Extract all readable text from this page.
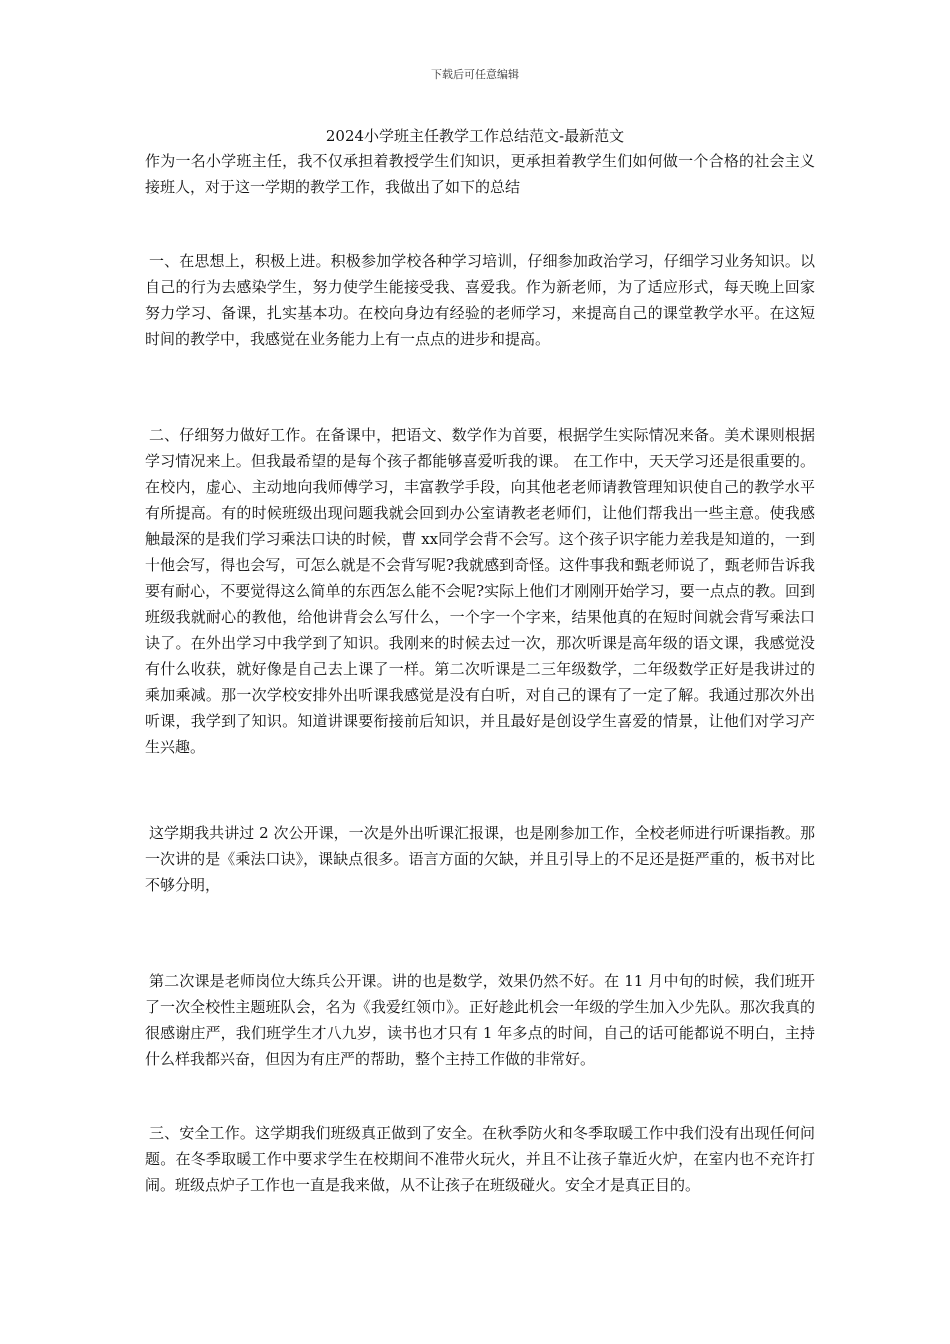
下载后可任意编辑
2024小学班主任教学工作总结范文-最新范文

作为一名小学班主任，我不仅承担着教授学生们知识，更承担着教学生们如何做一个合格的社会主义接班人，对于这一学期的教学工作，我做出了如下的总结

一、在思想上，积极上进。积极参加学校各种学习培训，仔细参加政治学习，仔细学习业务知识。以自己的行为去感染学生，努力使学生能接受我、喜爱我。作为新老师，为了适应形式，每天晚上回家努力学习、备课，扎实基本功。在校向身边有经验的老师学习，来提高自己的课堂教学水平。在这短时间的教学中，我感觉在业务能力上有一点点的进步和提高。

二、仔细努力做好工作。在备课中，把语文、数学作为首要，根据学生实际情况来备。美术课则根据学习情况来上。但我最希望的是每个孩子都能够喜爱听我的课。 在工作中，天天学习还是很重要的。在校内，虚心、主动地向我师傅学习，丰富教学手段，向其他老老师请教管理知识使自己的教学水平有所提高。有的时候班级出现问题我就会回到办公室请教老老师们，让他们帮我出一些主意。使我感触最深的是我们学习乘法口诀的时候，曹 xx同学会背不会写。这个孩子识字能力差我是知道的，一到十他会写，得也会写，可怎么就是不会背写呢?我就感到奇怪。这件事我和甄老师说了，甄老师告诉我要有耐心，不要觉得这么简单的东西怎么能不会呢?实际上他们才刚刚开始学习，要一点点的教。回到班级我就耐心的教他，给他讲背会么写什么，一个字一个字来，结果他真的在短时间就会背写乘法口诀了。在外出学习中我学到了知识。我刚来的时候去过一次，那次听课是高年级的语文课，我感觉没有什么收获，就好像是自己去上课了一样。第二次听课是二三年级数学，二年级数学正好是我讲过的乘加乘减。那一次学校安排外出听课我感觉是没有白听，对自己的课有了一定了解。我通过那次外出听课，我学到了知识。知道讲课要衔接前后知识，并且最好是创设学生喜爱的情景，让他们对学习产生兴趣。

这学期我共讲过 2 次公开课，一次是外出听课汇报课，也是刚参加工作，全校老师进行听课指教。那一次讲的是《乘法口诀》，课缺点很多。语言方面的欠缺，并且引导上的不足还是挺严重的，板书对比不够分明，

第二次课是老师岗位大练兵公开课。讲的也是数学，效果仍然不好。在 11 月中旬的时候，我们班开了一次全校性主题班队会，名为《我爱红领巾》。正好趁此机会一年级的学生加入少先队。那次我真的很感谢庄严，我们班学生才八九岁，读书也才只有 1 年多点的时间，自己的话可能都说不明白，主持什么样我都兴奋，但因为有庄严的帮助，整个主持工作做的非常好。

三、安全工作。这学期我们班级真正做到了安全。在秋季防火和冬季取暖工作中我们没有出现任何问题。在冬季取暖工作中要求学生在校期间不准带火玩火，并且不让孩子靠近火炉，在室内也不充许打闹。班级点炉子工作也一直是我来做，从不让孩子在班级碰火。安全才是真正目的。
